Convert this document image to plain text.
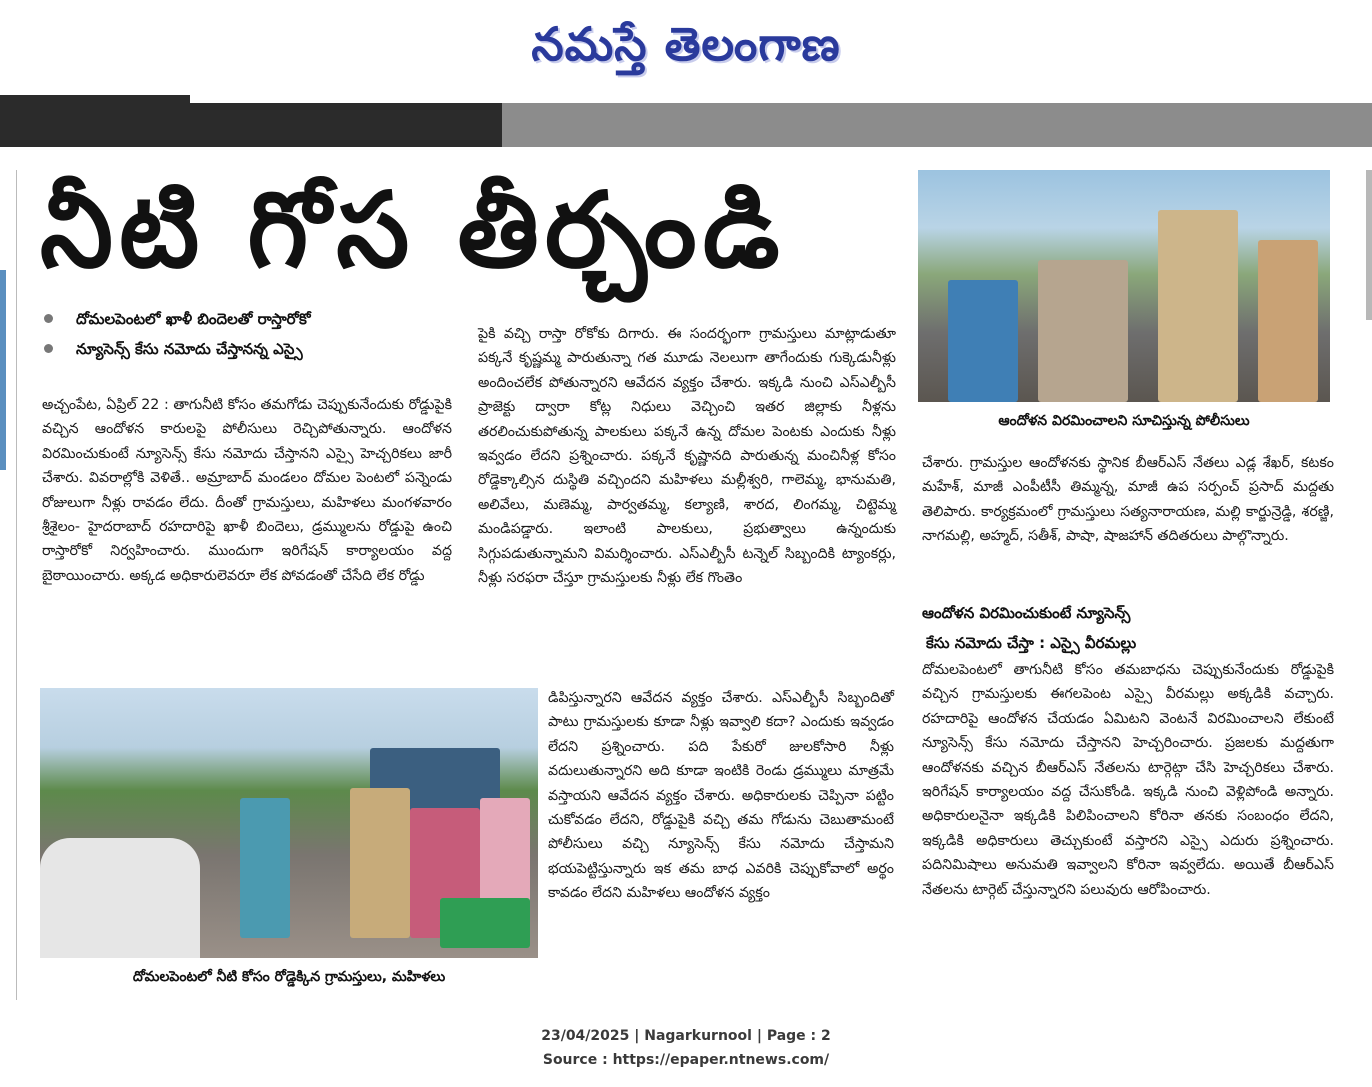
నమస్తే తెలంగాణ
నీటి గోస తీర్చండి
దోమలపెంటలో ఖాళీ బిందెలతో రాస్తారోకో
న్యూసెన్స్ కేసు నమోదు చేస్తానన్న ఎస్సై

అచ్చంపేట, ఏప్రిల్ 22 : తాగునీటి కోసం తమగోడు చెప్పుకునేందుకు రోడ్డుపైకి వచ్చిన ఆందోళన కారులపై పోలీసులు రెచ్చిపోతున్నారు. ఆందోళన విరమించుకుంటే న్యూసెన్స్ కేసు నమోదు చేస్తానని ఎస్సై హెచ్చరికలు జారీ చేశారు. వివరాల్లోకి వెళితే.. అమ్రాబాద్ మండలం దోమల పెంటలో పన్నెండు రోజులుగా నీళ్లు రావడం లేదు. దీంతో గ్రామస్తులు, మహిళలు మంగళవారం శ్రీశైలం- హైదరాబాద్ రహదారిపై ఖాళీ బిందెలు, డ్రమ్ములను రోడ్డుపై ఉంచి రాస్తారోకో నిర్వహించారు. ముందుగా ఇరిగేషన్ కార్యాలయం వద్ద బైఠాయించారు. అక్కడ అధికారులెవరూ లేక పోవడంతో చేసేది లేక రోడ్డు

పైకి వచ్చి రాస్తా రోకోకు దిగారు. ఈ సందర్భంగా గ్రామస్తులు మాట్లాడుతూ పక్కనే కృష్ణమ్మ పారుతున్నా గత మూడు నెలలుగా తాగేందుకు గుక్కెడునీళ్లు అందించలేక పోతున్నారని ఆవేదన వ్యక్తం చేశారు. ఇక్కడి నుంచి ఎస్ఎల్బీసీ ప్రాజెక్టు ద్వారా కోట్ల నిధులు వెచ్చించి ఇతర జిల్లాకు నీళ్లను తరలించుకుపోతున్న పాలకులు పక్కనే ఉన్న దోమల పెంటకు ఎందుకు నీళ్లు ఇవ్వడం లేదని ప్రశ్నించారు. పక్కనే కృష్ణానది పారుతున్న మంచినీళ్ల కోసం రోడ్డెక్కాల్సిన దుస్థితి వచ్చిందని మహిళలు మల్లీశ్వరి, గాలెమ్మ, భానుమతి, అలివేలు, మణెమ్మ, పార్వతమ్మ, కల్యాణి, శారద, లింగమ్మ, చిట్టెమ్మ మండిపడ్డారు. ఇలాంటి పాలకులు, ప్రభుత్వాలు ఉన్నందుకు సిగ్గుపడుతున్నామని విమర్శించారు. ఎస్ఎల్బీసీ టన్నెల్ సిబ్బందికి ట్యాంకర్లు, నీళ్లు సరఫరా చేస్తూ గ్రామస్తులకు నీళ్లు లేక గొంతెం

డిపిస్తున్నారని ఆవేదన వ్యక్తం చేశారు. ఎస్ఎల్బీసీ సిబ్బందితో పాటు గ్రామస్తులకు కూడా నీళ్లు ఇవ్వాలి కదా? ఎందుకు ఇవ్వడం లేదని ప్రశ్నించారు. పది పేకురో జులకోసారి నీళ్లు వదులుతున్నారని అది కూడా ఇంటికి రెండు డ్రమ్ములు మాత్రమే వస్తాయని ఆవేదన వ్యక్తం చేశారు. అధికారులకు చెప్పినా పట్టిం చుకోవడం లేదని, రోడ్డుపైకి వచ్చి తమ గోడును చెబుతామంటే పోలీసులు వచ్చి న్యూసెన్స్ కేసు నమోదు చేస్తామని భయపెట్టిస్తున్నారు ఇక తమ బాధ ఎవరికి చెప్పుకోవాలో అర్థం కావడం లేదని మహిళలు ఆందోళన వ్యక్తం

ఆందోళన విరమించాలని సూచిస్తున్న పోలీసులు

చేశారు. గ్రామస్తుల ఆందోళనకు స్థానిక బీఆర్ఎస్ నేతలు ఎడ్ల శేఖర్, కటకం మహేశ్, మాజీ ఎంపీటీసీ తిమ్మన్న, మాజీ ఉప సర్పంచ్ ప్రసాద్ మద్దతు తెలిపారు. కార్యక్రమంలో గ్రామస్తులు సత్యనారాయణ, మల్లి కార్జున్రెడ్డి, శరణ్జి, నాగమల్లి, అహ్మద్, సతీశ్, పాషా, షాజహాన్ తదితరులు పాల్గొన్నారు.

ఆందోళన విరమించుకుంటే న్యూసెన్స్
కేసు నమోదు చేస్తా : ఎస్సై వీరమల్లు

దోమలపెంటలో తాగునీటి కోసం తమబాధను చెప్పుకునేందుకు రోడ్డుపైకి వచ్చిన గ్రామస్తులకు ఈగలపెంట ఎస్సై వీరమల్లు అక్కడికి వచ్చారు. రహదారిపై ఆందోళన చేయడం ఏమిటని వెంటనే విరమించాలని లేకుంటే న్యూసెన్స్ కేసు నమోదు చేస్తానని హెచ్చరించారు. ప్రజలకు మద్దతుగా ఆందోళనకు వచ్చిన బీఆర్ఎస్ నేతలను టార్గెట్గా చేసి హెచ్చరికలు చేశారు. ఇరిగేషన్ కార్యాలయం వద్ద చేసుకోండి. ఇక్కడి నుంచి వెళ్లిపోండి అన్నారు. అధికారులనైనా ఇక్కడికి పిలిపించాలని కోరినా తనకు సంబంధం లేదని, ఇక్కడికి అధికారులు తెచ్చుకుంటే వస్తారని ఎస్సై ఎదురు ప్రశ్నించారు. పదినిమిషాలు అనుమతి ఇవ్వాలని కోరినా ఇవ్వలేదు. అయితే బీఆర్ఎస్ నేతలను టార్గెట్ చేస్తున్నారని పలువురు ఆరోపించారు.

దోమలపెంటలో నీటి కోసం రోడ్డెక్కిన గ్రామస్తులు, మహిళలు
23/04/2025 | Nagarkurnool | Page : 2
Source : https://epaper.ntnews.com/
